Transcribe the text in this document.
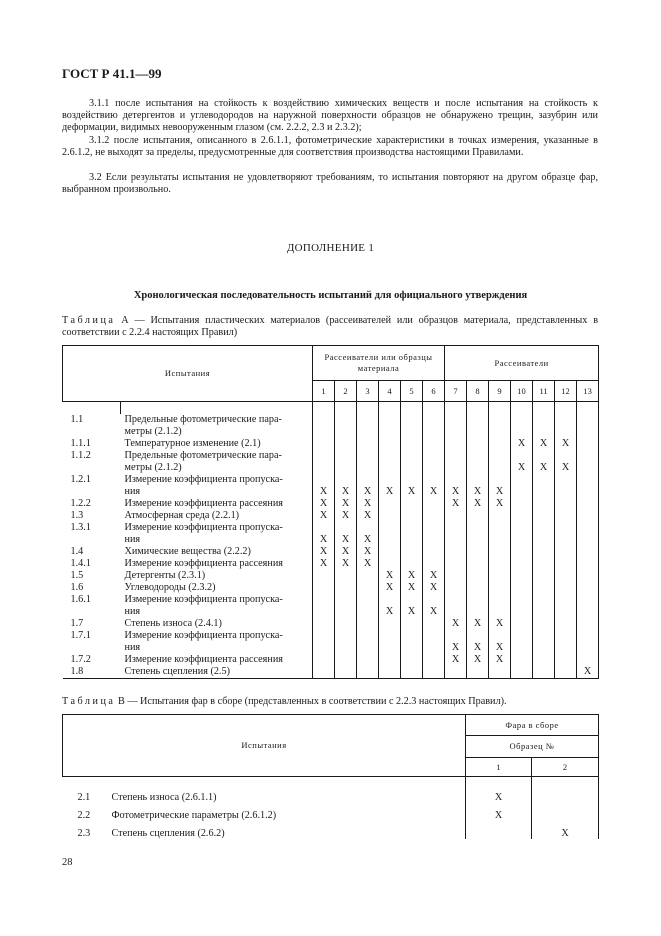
ГОСТ Р 41.1—99

3.1.1 после испытания на стойкость к воздействию химических веществ и после испытания на стойкость к воздействию детергентов и углеводородов на наружной поверхности образцов не обнаружено трещин, зазубрин или деформации, видимых невооруженным глазом (см. 2.2.2, 2.3 и 2.3.2);

3.1.2 после испытания, описанного в 2.6.1.1, фотометрические характеристики в точках измерения, указанные в 2.6.1.2, не выходят за пределы, предусмотренные для соответствия производства настоящими Правилами.

3.2 Если результаты испытания не удовлетворяют требованиям, то испытания повторяют на другом образце фар, выбранном произвольно.

ДОПОЛНЕНИЕ 1
Хронологическая последовательность испытаний для официального утверждения
Таблица А — Испытания пластических материалов (рассеивателей или образцов материала, представленных в соответствии с 2.2.4 настоящих Правил)
Испытания		Рассеиватели или образцы материала						Рассеиватели						
		1	2	3	4	5	6	7	8	9	10	11	12	13

1.1	Предельные фотометрические пара-													
	метры (2.1.2)													
1.1.1	Температурное изменение (2.1)										X	X	X	
1.1.2	Предельные фотометрические пара-													
	метры (2.1.2)										X	X	X	
1.2.1	Измерение коэффициента пропуска-													
	ния	X	X	X	X	X	X	X	X	X				
1.2.2	Измерение коэффициента рассеяния	X	X	X				X	X	X				
1.3	Атмосферная среда (2.2.1)	X	X	X										
1.3.1	Измерение коэффициента пропуска-													
	ния	X	X	X										
1.4	Химические вещества (2.2.2)	X	X	X										
1.4.1	Измерение коэффициента рассеяния	X	X	X										
1.5	Детергенты (2.3.1)				X	X	X							
1.6	Углеводороды (2.3.2)				X	X	X							
1.6.1	Измерение коэффициента пропуска-													
	ния				X	X	X							
1.7	Степень износа (2.4.1)							X	X	X				
1.7.1	Измерение коэффициента пропуска-													
	ния							X	X	X				
1.7.2	Измерение коэффициента рассеяния							X	X	X				
1.8	Степень сцепления (2.5)													X
Таблица В — Испытания фар в сборе (представленных в соответствии с 2.2.3 настоящих Правил).
Испытания	Фара в сборе	
	Образец №	
	1	2
2.1 Степень износа (2.6.1.1)	X	
2.2 Фотометрические параметры (2.6.1.2)	X	
2.3 Степень сцепления (2.6.2)		X
28
